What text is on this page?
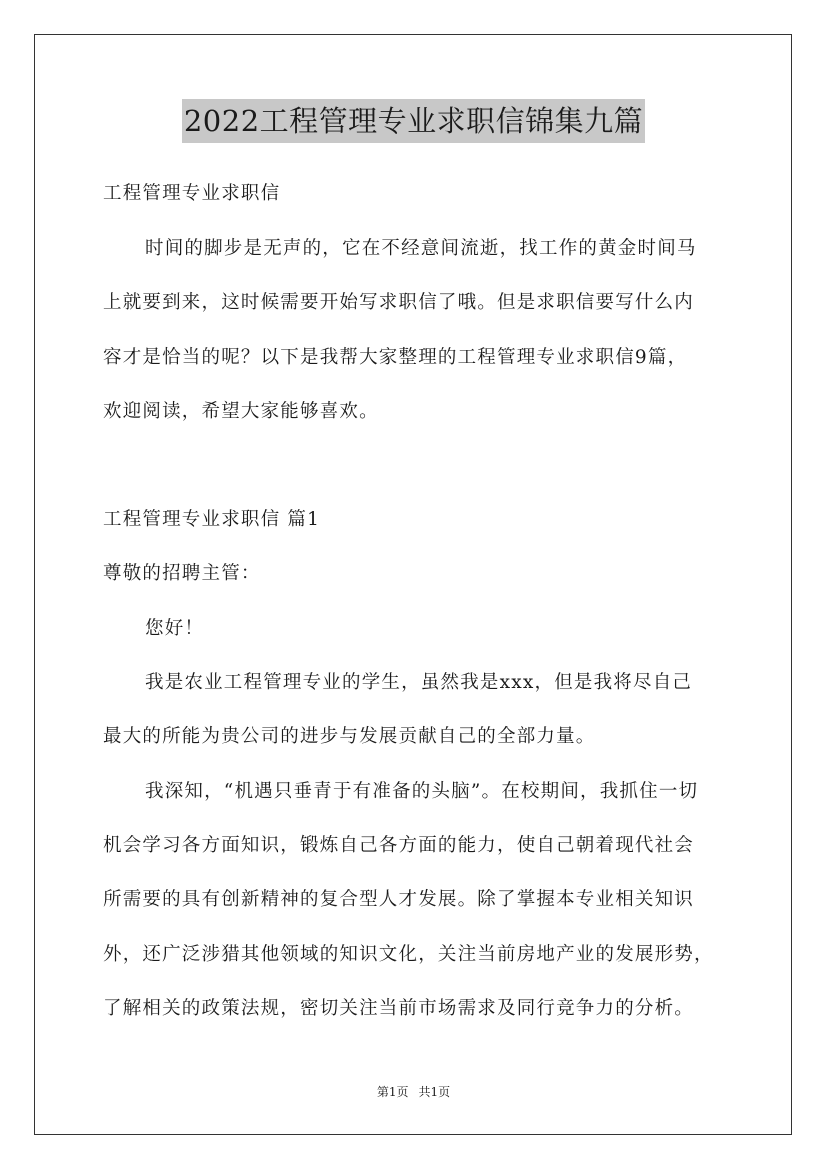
2022工程管理专业求职信锦集九篇
工程管理专业求职信
时间的脚步是无声的，它在不经意间流逝，找工作的黄金时间马
上就要到来，这时候需要开始写求职信了哦。但是求职信要写什么内
容才是恰当的呢？以下是我帮大家整理的工程管理专业求职信9篇，
欢迎阅读，希望大家能够喜欢。
工程管理专业求职信 篇1
尊敬的招聘主管：
您好！
我是农业工程管理专业的学生，虽然我是xxx，但是我将尽自己
最大的所能为贵公司的进步与发展贡献自己的全部力量。
我深知，“机遇只垂青于有准备的头脑”。在校期间，我抓住一切
机会学习各方面知识，锻炼自己各方面的能力，使自己朝着现代社会
所需要的具有创新精神的复合型人才发展。除了掌握本专业相关知识
外，还广泛涉猎其他领域的知识文化，关注当前房地产业的发展形势，
了解相关的政策法规，密切关注当前市场需求及同行竞争力的分析。
第1页 共1页
